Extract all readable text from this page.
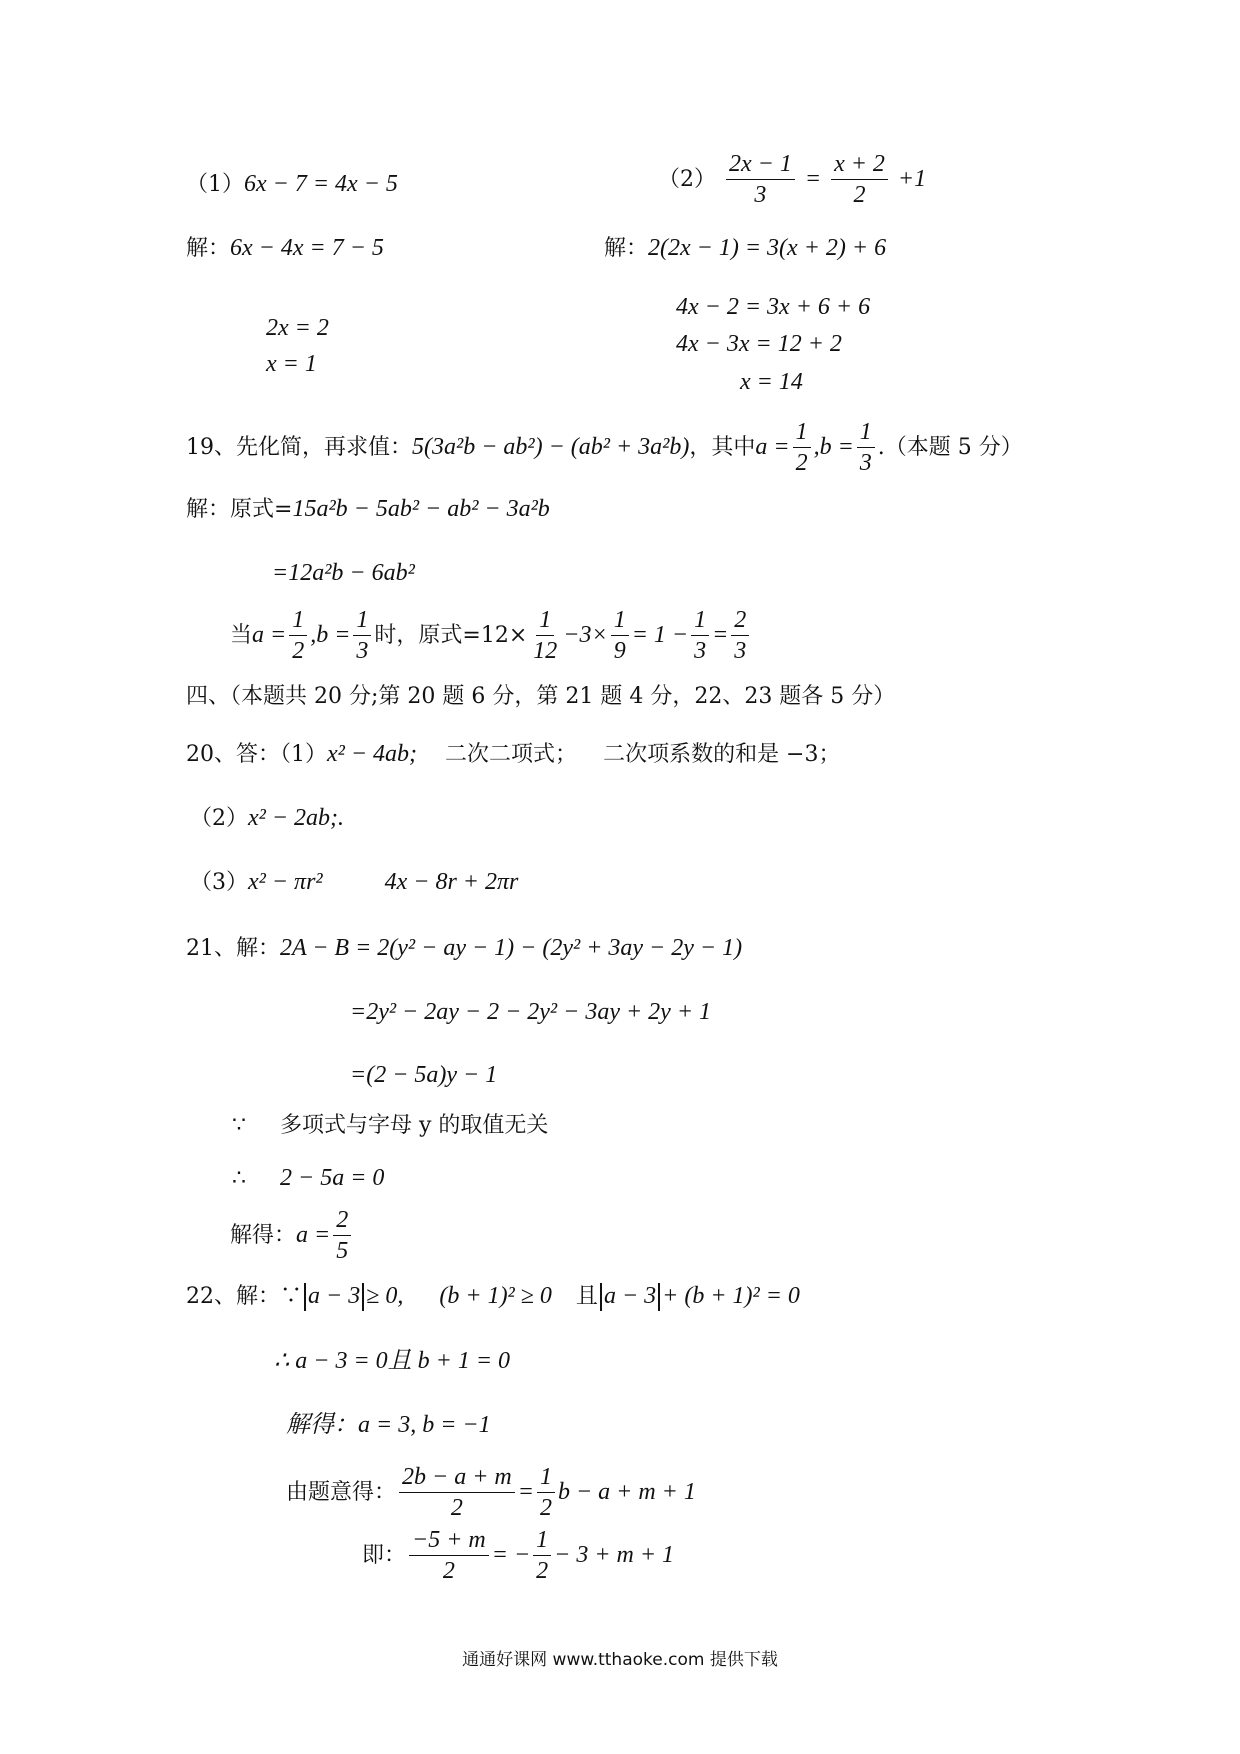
（1）6x − 7 = 4x − 5
解：6x − 4x = 7 − 5
2x = 2
x = 1
$(2) \frac{2x - 1}{3} = \frac{x + 2}{2} +1$
解：2(2x − 1) = 3(x + 2) + 6
4x − 2 = 3x + 6 + 6
4x − 3x = 12 + 2
x = 14
19、先化简，再求值：5(3a²b − ab²) − (ab² + 3a²b)，其中$a = \frac{1}{2} ,b = \frac{1}{3}$ .（本题 5 分）
解：原式=15a²b − 5ab² − ab² − 3a²b
=12a²b − 6ab²
当$a = \frac{1}{2} ,b = \frac{1}{3}$ 时，原式$=12\times \frac{1}{12} -3\times \frac{1}{9} = 1 - \frac{1}{3} = \frac{2}{3}$
四、（本题共 20 分;第 20 题 6 分，第 21 题 4 分，22、23 题各 5 分）
20、答：（1）x² − 4ab; 二次二项式； 二次项系数的和是 −3；
（2）x² − 2ab;.
（3）x² − πr²	4x − 8r + 2πr
21、解：2A − B = 2(y² − ay − 1) − (2y² + 3ay − 2y − 1)
=2y² − 2ay − 2 − 2y² − 3ay + 2y + 1
=(2 − 5a)y − 1
∵ 多项式与字母 y 的取值无关
∴ 2 − 5a = 0
解得：$a = \frac{2}{5}$
22、解：∵ a − 3 ≥ 0, (b + 1)² ≥ 0 且 a − 3 + (b + 1)² = 0
∴ a − 3 = 0且 b + 1 = 0
解得：a = 3, b = −1
由题意得： $\frac{2b - a + m}{2} = \frac{1}{2}$ b − a + m + 1
即： $\frac{-5 + m}{2}$ = − $\frac{1}{2} - 3 + m + 1$
通通好课网 www.tthaoke.com 提供下载
